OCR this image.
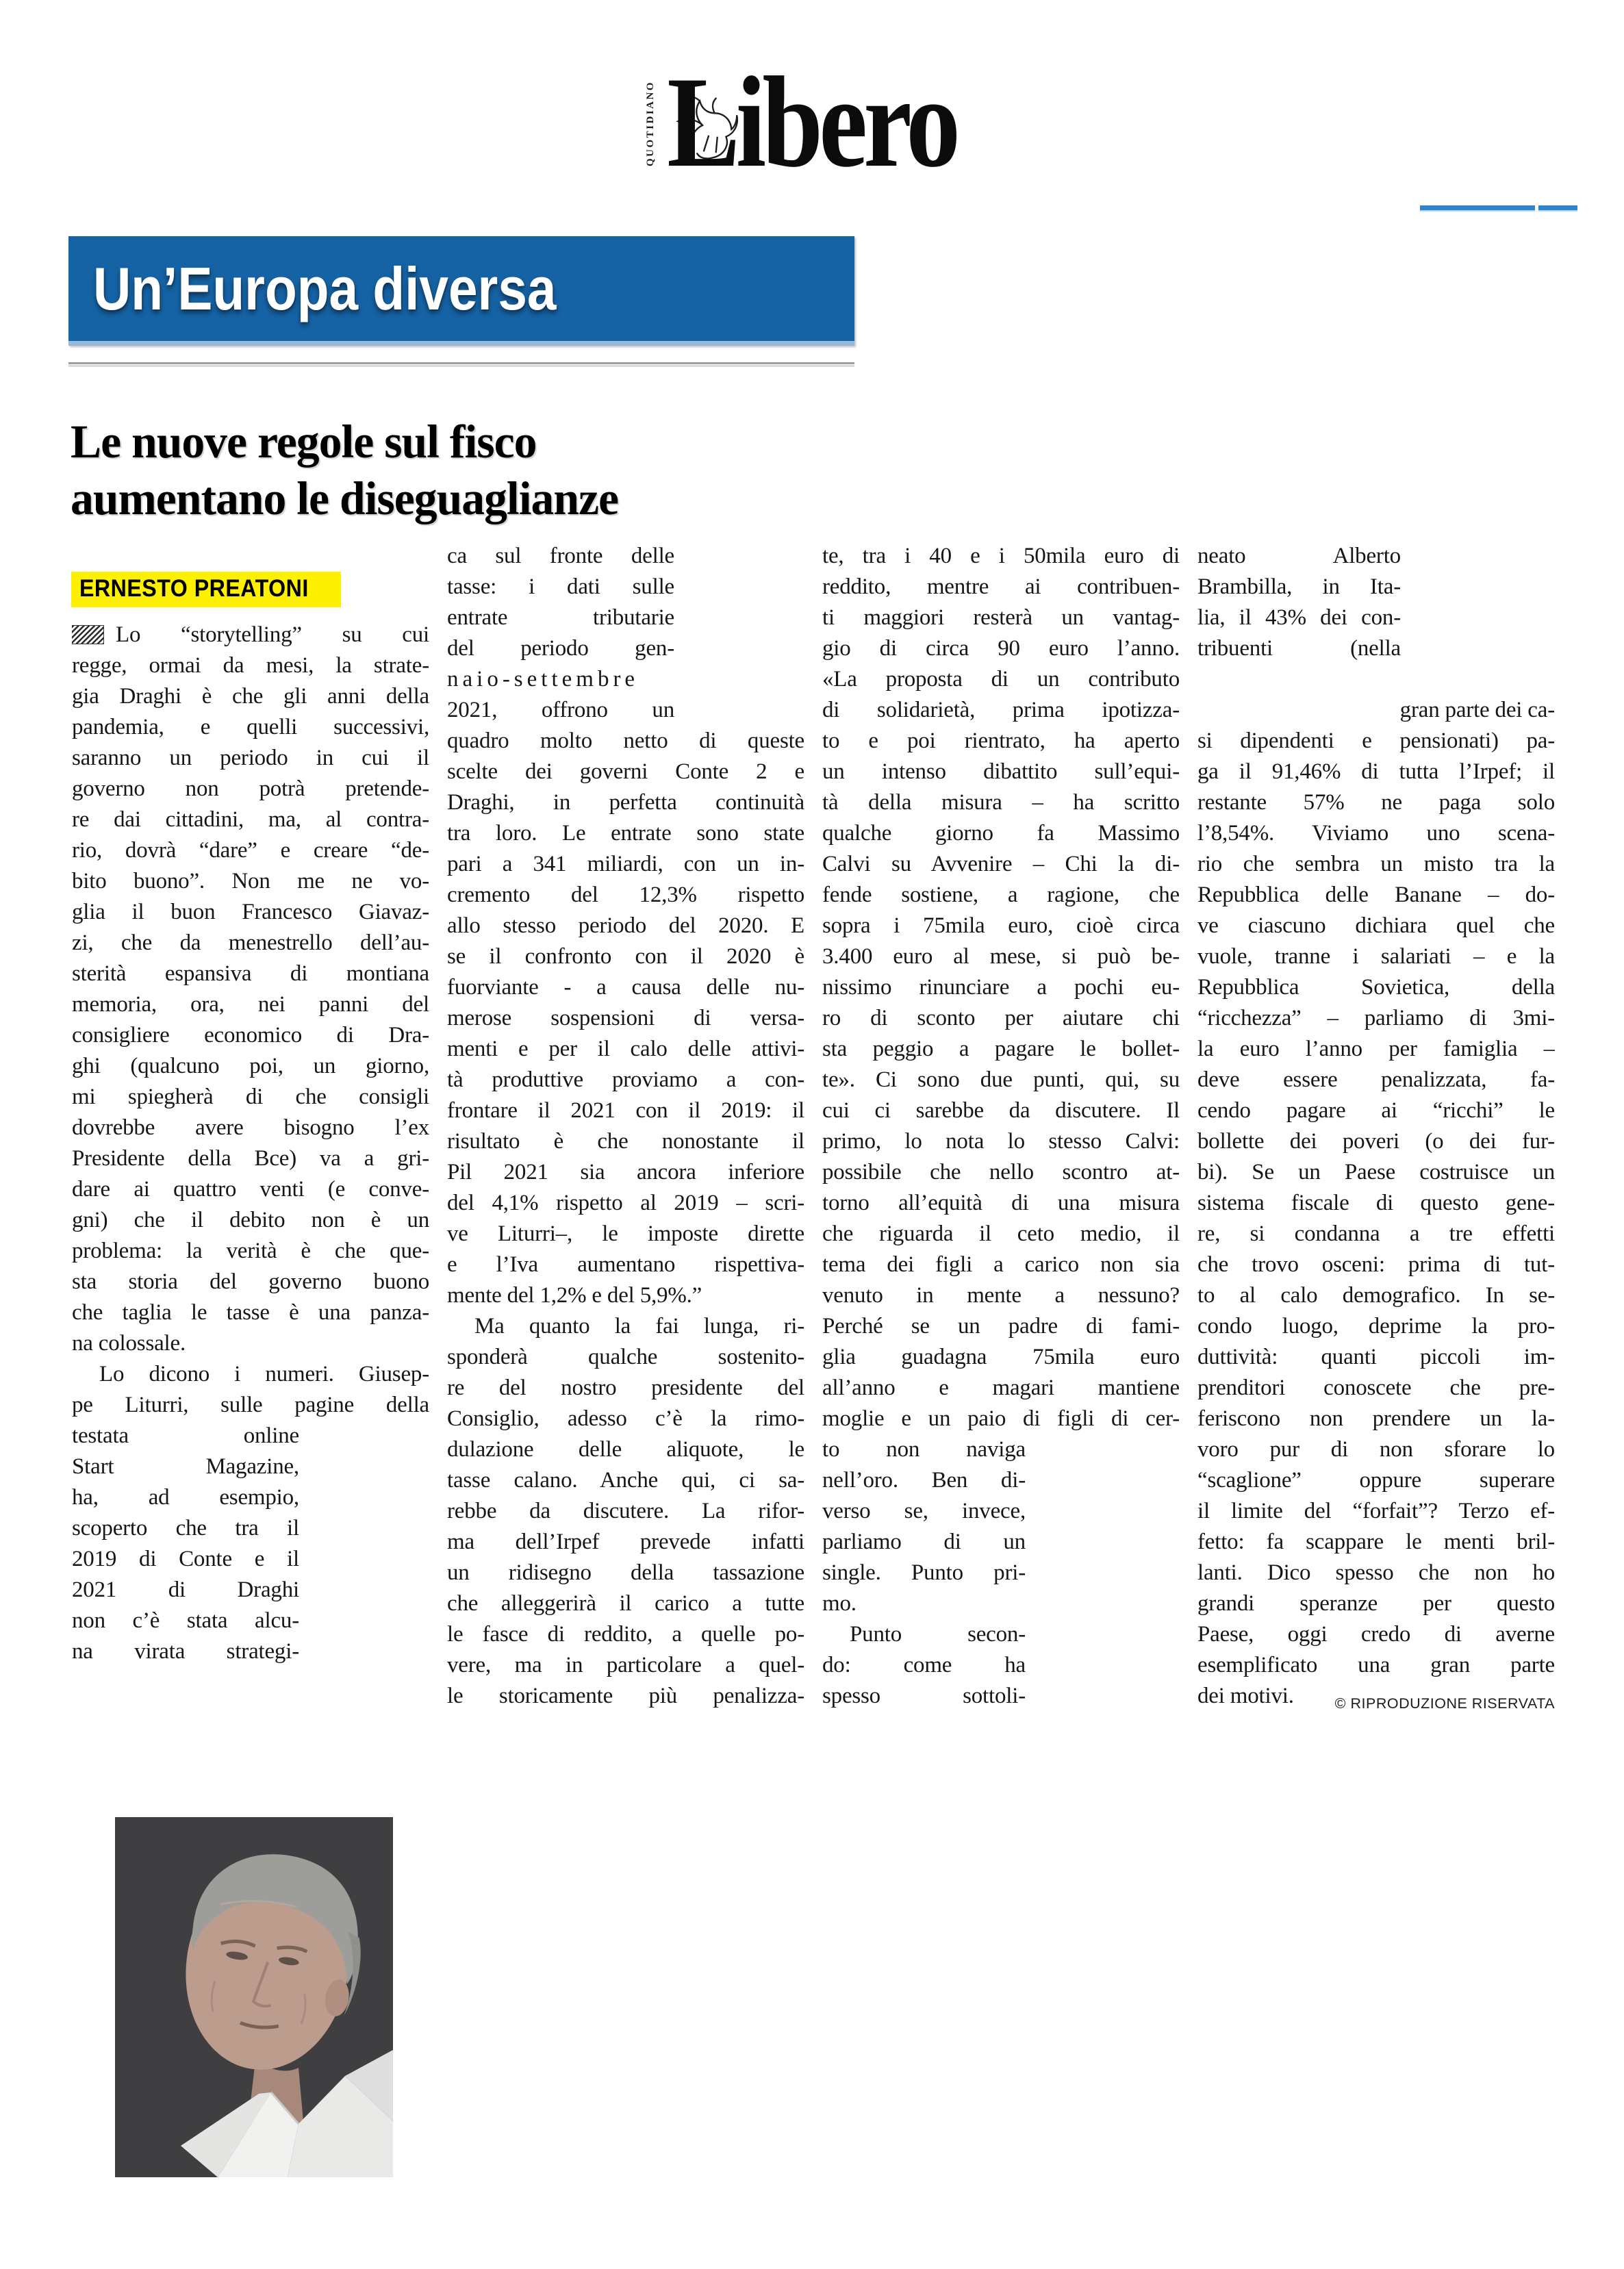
QUOTIDIANO Libero
Un’Europa diversa
Le nuove regole sul fisco
aumentano le diseguaglianze
ERNESTO PREATONI
Lo “storytelling” su cui
regge, ormai da mesi, la strate-
gia Draghi è che gli anni della
pandemia, e quelli successivi,
saranno un periodo in cui il
governo non potrà pretende-
re dai cittadini, ma, al contra-
rio, dovrà “dare” e creare “de-
bito buono”. Non me ne vo-
glia il buon Francesco Giavaz-
zi, che da menestrello dell’au-
sterità espansiva di montiana
memoria, ora, nei panni del
consigliere economico di Dra-
ghi (qualcuno poi, un giorno,
mi spiegherà di che consigli
dovrebbe avere bisogno l’ex
Presidente della Bce) va a gri-
dare ai quattro venti (e conve-
gni) che il debito non è un
problema: la verità è che que-
sta storia del governo buono
che taglia le tasse è una panza-
na colossale.
Lo dicono i numeri. Giusep-
pe Liturri, sulle pagine della
testata online
Start Magazine,
ha, ad esempio,
scoperto che tra il
2019 di Conte e il
2021 di Draghi
non c’è stata alcu-
na virata strategi-
ca sul fronte delle
tasse: i dati sulle
entrate tributarie
del periodo gen-
naio-settembre
2021, offrono un
quadro molto netto di queste
scelte dei governi Conte 2 e
Draghi, in perfetta continuità
tra loro. Le entrate sono state
pari a 341 miliardi, con un in-
cremento del 12,3% rispetto
allo stesso periodo del 2020. E
se il confronto con il 2020 è
fuorviante - a causa delle nu-
merose sospensioni di versa-
menti e per il calo delle attivi-
tà produttive proviamo a con-
frontare il 2021 con il 2019: il
risultato è che nonostante il
Pil 2021 sia ancora inferiore
del 4,1% rispetto al 2019 – scri-
ve Liturri–, le imposte dirette
e l’Iva aumentano rispettiva-
mente del 1,2% e del 5,9%.”
Ma quanto la fai lunga, ri-
sponderà qualche sostenito-
re del nostro presidente del
Consiglio, adesso c’è la rimo-
dulazione delle aliquote, le
tasse calano. Anche qui, ci sa-
rebbe da discutere. La rifor-
ma dell’Irpef prevede infatti
un ridisegno della tassazione
che alleggerirà il carico a tutte
le fasce di reddito, a quelle po-
vere, ma in particolare a quel-
le storicamente più penalizza-
te, tra i 40 e i 50mila euro di
reddito, mentre ai contribuen-
ti maggiori resterà un vantag-
gio di circa 90 euro l’anno.
«La proposta di un contributo
di solidarietà, prima ipotizza-
to e poi rientrato, ha aperto
un intenso dibattito sull’equi-
tà della misura – ha scritto
qualche giorno fa Massimo
Calvi su Avvenire – Chi la di-
fende sostiene, a ragione, che
sopra i 75mila euro, cioè circa
3.400 euro al mese, si può be-
nissimo rinunciare a pochi eu-
ro di sconto per aiutare chi
sta peggio a pagare le bollet-
te». Ci sono due punti, qui, su
cui ci sarebbe da discutere. Il
primo, lo nota lo stesso Calvi:
possibile che nello scontro at-
torno all’equità di una misura
che riguarda il ceto medio, il
tema dei figli a carico non sia
venuto in mente a nessuno?
Perché se un padre di fami-
glia guadagna 75mila euro
all’anno e magari mantiene
moglie e un paio di figli di cer-
to non naviga
nell’oro. Ben di-
verso se, invece,
parliamo di un
single. Punto pri-
mo.
Punto secon-
do: come ha
spesso sottoli-
neato Alberto
Brambilla, in Ita-
lia, il 43% dei con-
tribuenti (nella
gran parte dei ca-
si dipendenti e pensionati) pa-
ga il 91,46% di tutta l’Irpef; il
restante 57% ne paga solo
l’8,54%. Viviamo uno scena-
rio che sembra un misto tra la
Repubblica delle Banane – do-
ve ciascuno dichiara quel che
vuole, tranne i salariati – e la
Repubblica Sovietica, della
“ricchezza” – parliamo di 3mi-
la euro l’anno per famiglia –
deve essere penalizzata, fa-
cendo pagare ai “ricchi” le
bollette dei poveri (o dei fur-
bi). Se un Paese costruisce un
sistema fiscale di questo gene-
re, si condanna a tre effetti
che trovo osceni: prima di tut-
to al calo demografico. In se-
condo luogo, deprime la pro-
duttività: quanti piccoli im-
prenditori conoscete che pre-
feriscono non prendere un la-
voro pur di non sforare lo
“scaglione” oppure superare
il limite del “forfait”? Terzo ef-
fetto: fa scappare le menti bril-
lanti. Dico spesso che non ho
grandi speranze per questo
Paese, oggi credo di averne
esemplificato una gran parte
dei motivi.	© RIPRODUZIONE RISERVATA
